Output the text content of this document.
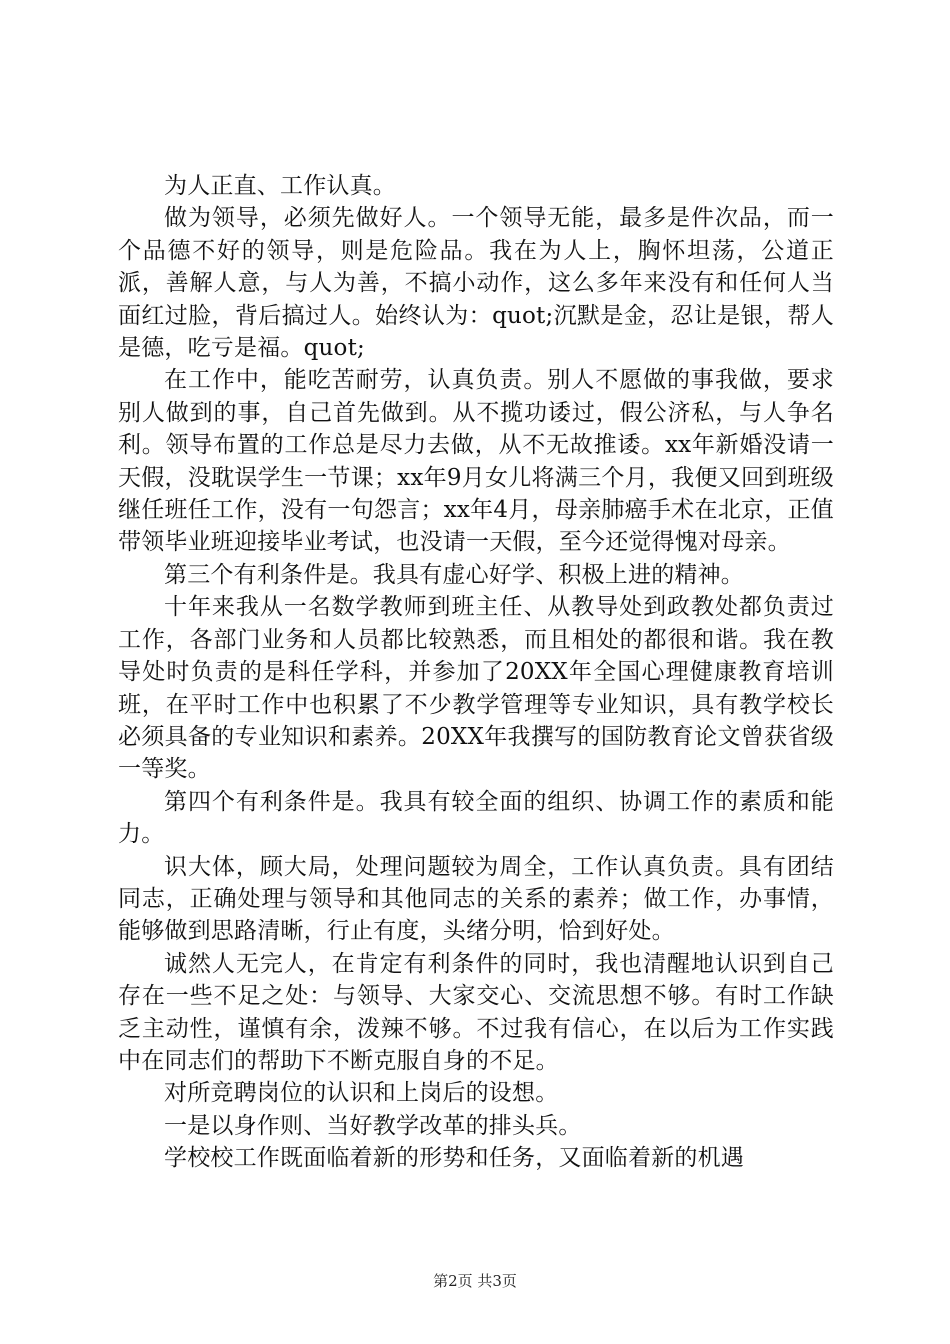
为人正直、工作认真。

做为领导，必须先做好人。一个领导无能，最多是件次品，而一个品德不好的领导，则是危险品。我在为人上，胸怀坦荡，公道正派，善解人意，与人为善，不搞小动作，这么多年来没有和任何人当面红过脸，背后搞过人。始终认为：quot;沉默是金，忍让是银，帮人是德，吃亏是福。quot;

在工作中，能吃苦耐劳，认真负责。别人不愿做的事我做，要求别人做到的事，自己首先做到。从不揽功诿过，假公济私，与人争名利。领导布置的工作总是尽力去做，从不无故推诿。xx年新婚没请一天假，没耽误学生一节课；xx年9月女儿将满三个月，我便又回到班级继任班任工作，没有一句怨言；xx年4月，母亲肺癌手术在北京，正值带领毕业班迎接毕业考试，也没请一天假，至今还觉得愧对母亲。

第三个有利条件是。我具有虚心好学、积极上进的精神。

十年来我从一名数学教师到班主任、从教导处到政教处都负责过工作，各部门业务和人员都比较熟悉，而且相处的都很和谐。我在教导处时负责的是科任学科，并参加了20XX年全国心理健康教育培训班，在平时工作中也积累了不少教学管理等专业知识，具有教学校长必须具备的专业知识和素养。20XX年我撰写的国防教育论文曾获省级一等奖。

第四个有利条件是。我具有较全面的组织、协调工作的素质和能力。

识大体，顾大局，处理问题较为周全，工作认真负责。具有团结同志，正确处理与领导和其他同志的关系的素养；做工作，办事情，能够做到思路清晰，行止有度，头绪分明，恰到好处。

诚然人无完人，在肯定有利条件的同时，我也清醒地认识到自己存在一些不足之处：与领导、大家交心、交流思想不够。有时工作缺乏主动性，谨慎有余，泼辣不够。不过我有信心，在以后为工作实践中在同志们的帮助下不断克服自身的不足。

对所竞聘岗位的认识和上岗后的设想。

一是以身作则、当好教学改革的排头兵。

学校校工作既面临着新的形势和任务，又面临着新的机遇

第2页 共3页
